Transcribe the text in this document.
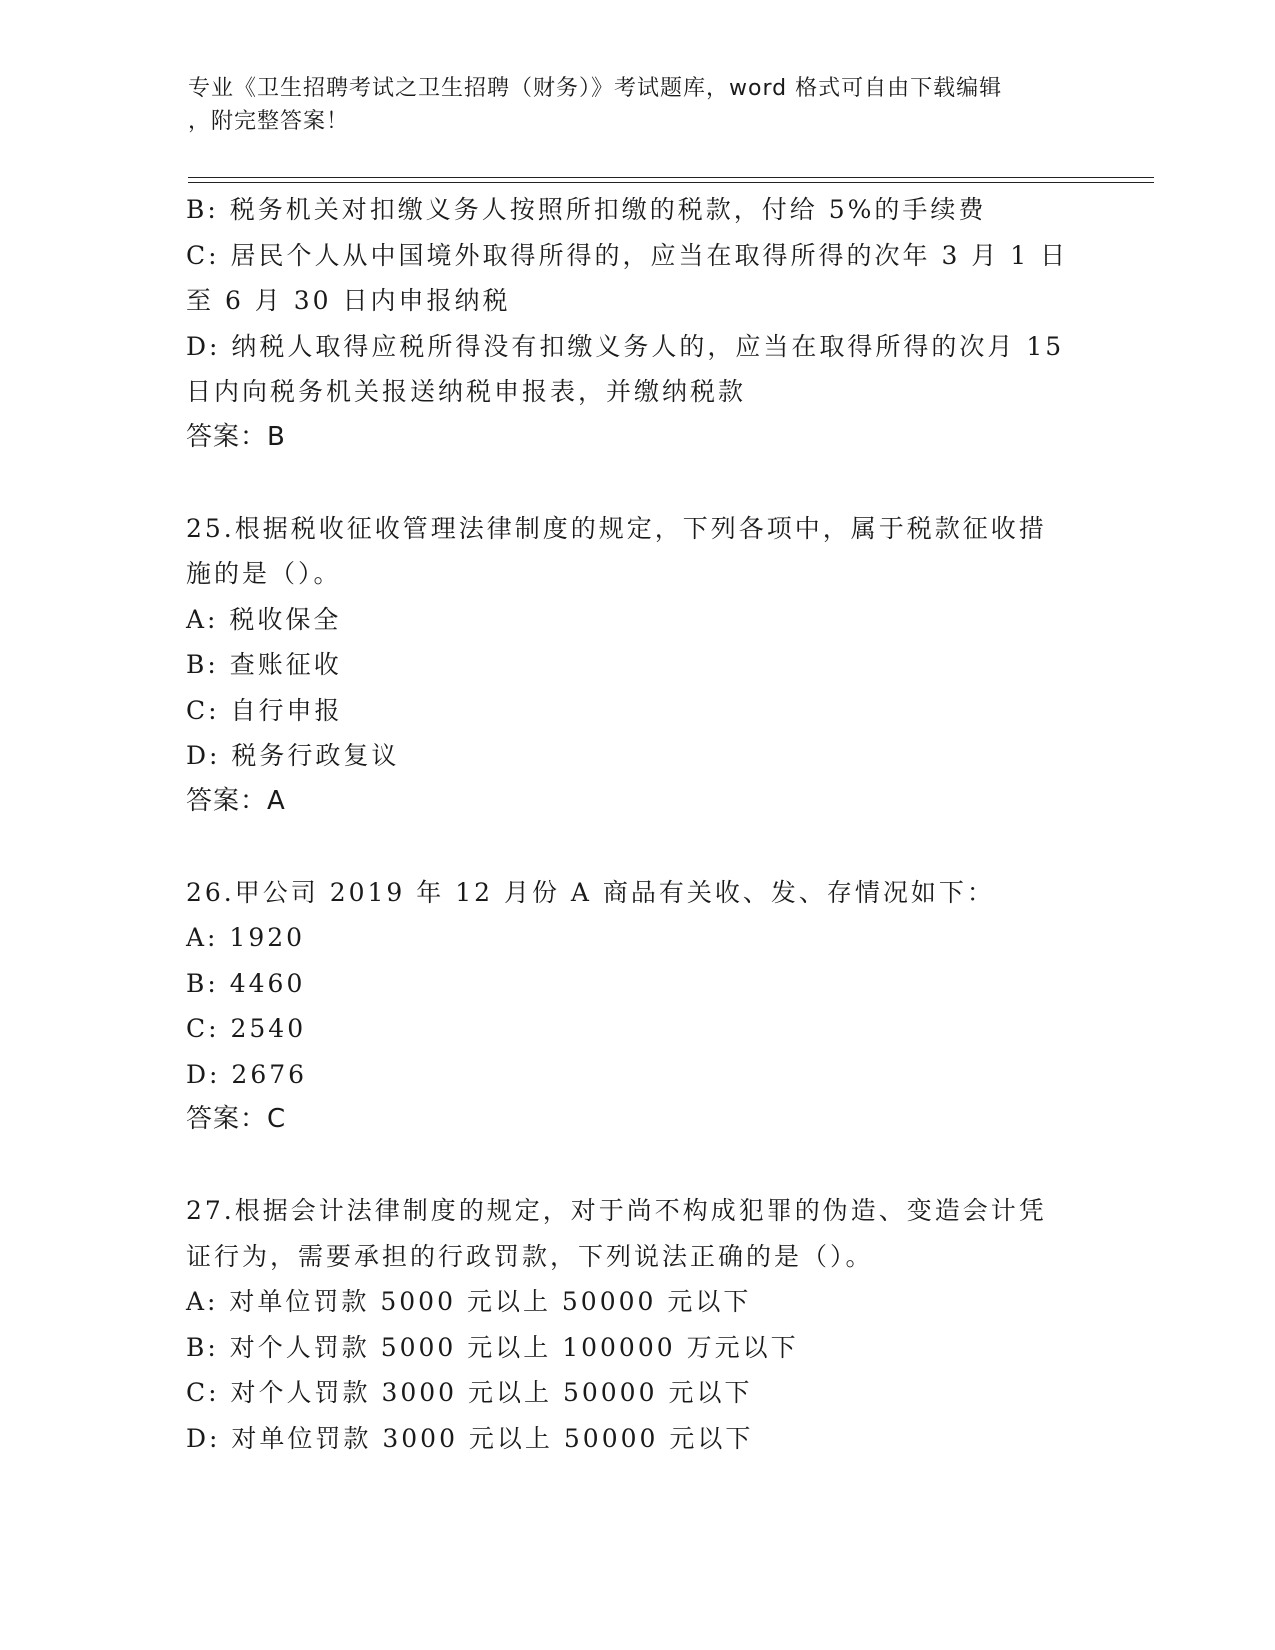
专业《卫生招聘考试之卫生招聘（财务）》考试题库，word 格式可自由下载编辑
，附完整答案！
B: 税务机关对扣缴义务人按照所扣缴的税款，付给 5%的手续费
C: 居民个人从中国境外取得所得的，应当在取得所得的次年 3 月 1 日
至 6 月 30 日内申报纳税
D: 纳税人取得应税所得没有扣缴义务人的，应当在取得所得的次月 15
日内向税务机关报送纳税申报表，并缴纳税款
答案：B
25.根据税收征收管理法律制度的规定，下列各项中，属于税款征收措
施的是（）。
A: 税收保全
B: 查账征收
C: 自行申报
D: 税务行政复议
答案：A
26.甲公司 2019 年 12 月份 A 商品有关收、发、存情况如下：
A: 1920
B: 4460
C: 2540
D: 2676
答案：C
27.根据会计法律制度的规定，对于尚不构成犯罪的伪造、变造会计凭
证行为，需要承担的行政罚款，下列说法正确的是（）。
A: 对单位罚款 5000 元以上 50000 元以下
B: 对个人罚款 5000 元以上 100000 万元以下
C: 对个人罚款 3000 元以上 50000 元以下
D: 对单位罚款 3000 元以上 50000 元以下
